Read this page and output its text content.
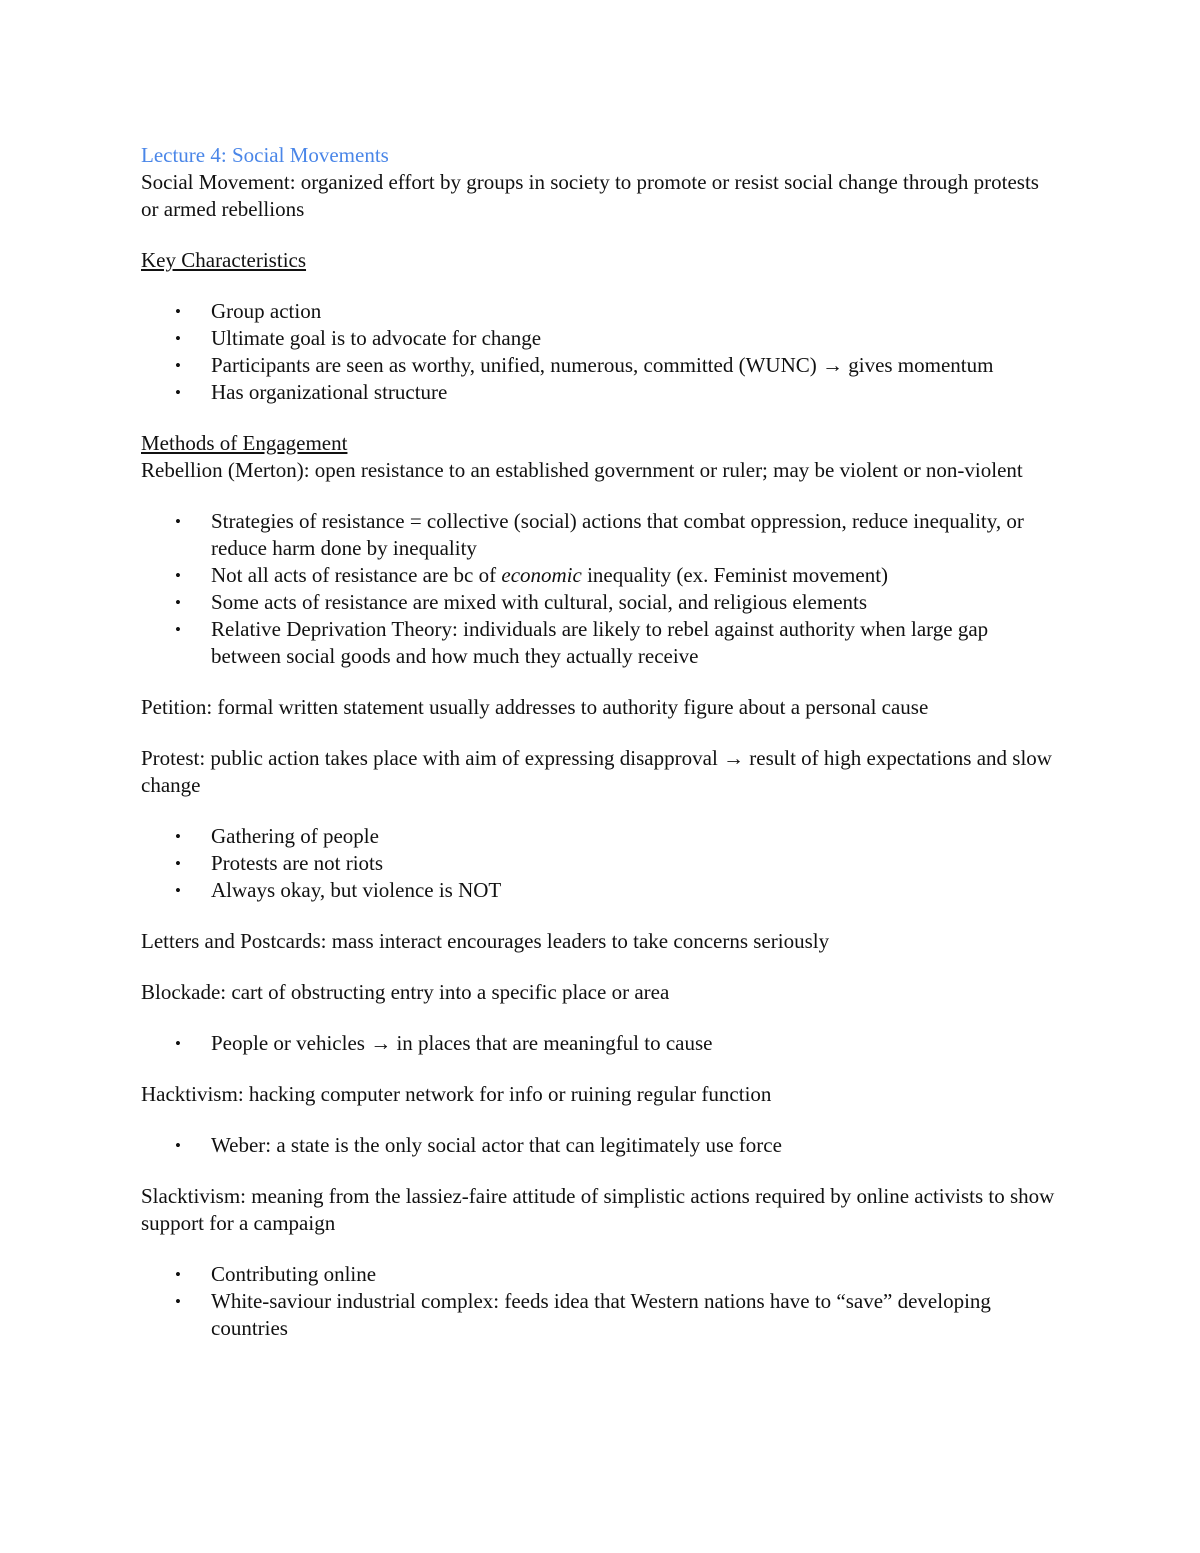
Lecture 4: Social Movements

Social Movement: organized effort by groups in society to promote or resist social change through protests or armed rebellions

Key Characteristics

• Group action
• Ultimate goal is to advocate for change
• Participants are seen as worthy, unified, numerous, committed (WUNC) → gives momentum
• Has organizational structure

Methods of Engagement

Rebellion (Merton): open resistance to an established government or ruler; may be violent or non-violent

• Strategies of resistance = collective (social) actions that combat oppression, reduce inequality, or reduce harm done by inequality
• Not all acts of resistance are bc of economic inequality (ex. Feminist movement)
• Some acts of resistance are mixed with cultural, social, and religious elements
• Relative Deprivation Theory: individuals are likely to rebel against authority when large gap between social goods and how much they actually receive

Petition: formal written statement usually addresses to authority figure about a personal cause

Protest: public action takes place with aim of expressing disapproval → result of high expectations and slow change

• Gathering of people
• Protests are not riots
• Always okay, but violence is NOT

Letters and Postcards: mass interact encourages leaders to take concerns seriously

Blockade: cart of obstructing entry into a specific place or area

• People or vehicles → in places that are meaningful to cause

Hacktivism: hacking computer network for info or ruining regular function

• Weber: a state is the only social actor that can legitimately use force

Slacktivism: meaning from the lassiez-faire attitude of simplistic actions required by online activists to show support for a campaign

• Contributing online
• White-saviour industrial complex: feeds idea that Western nations have to “save” developing countries
